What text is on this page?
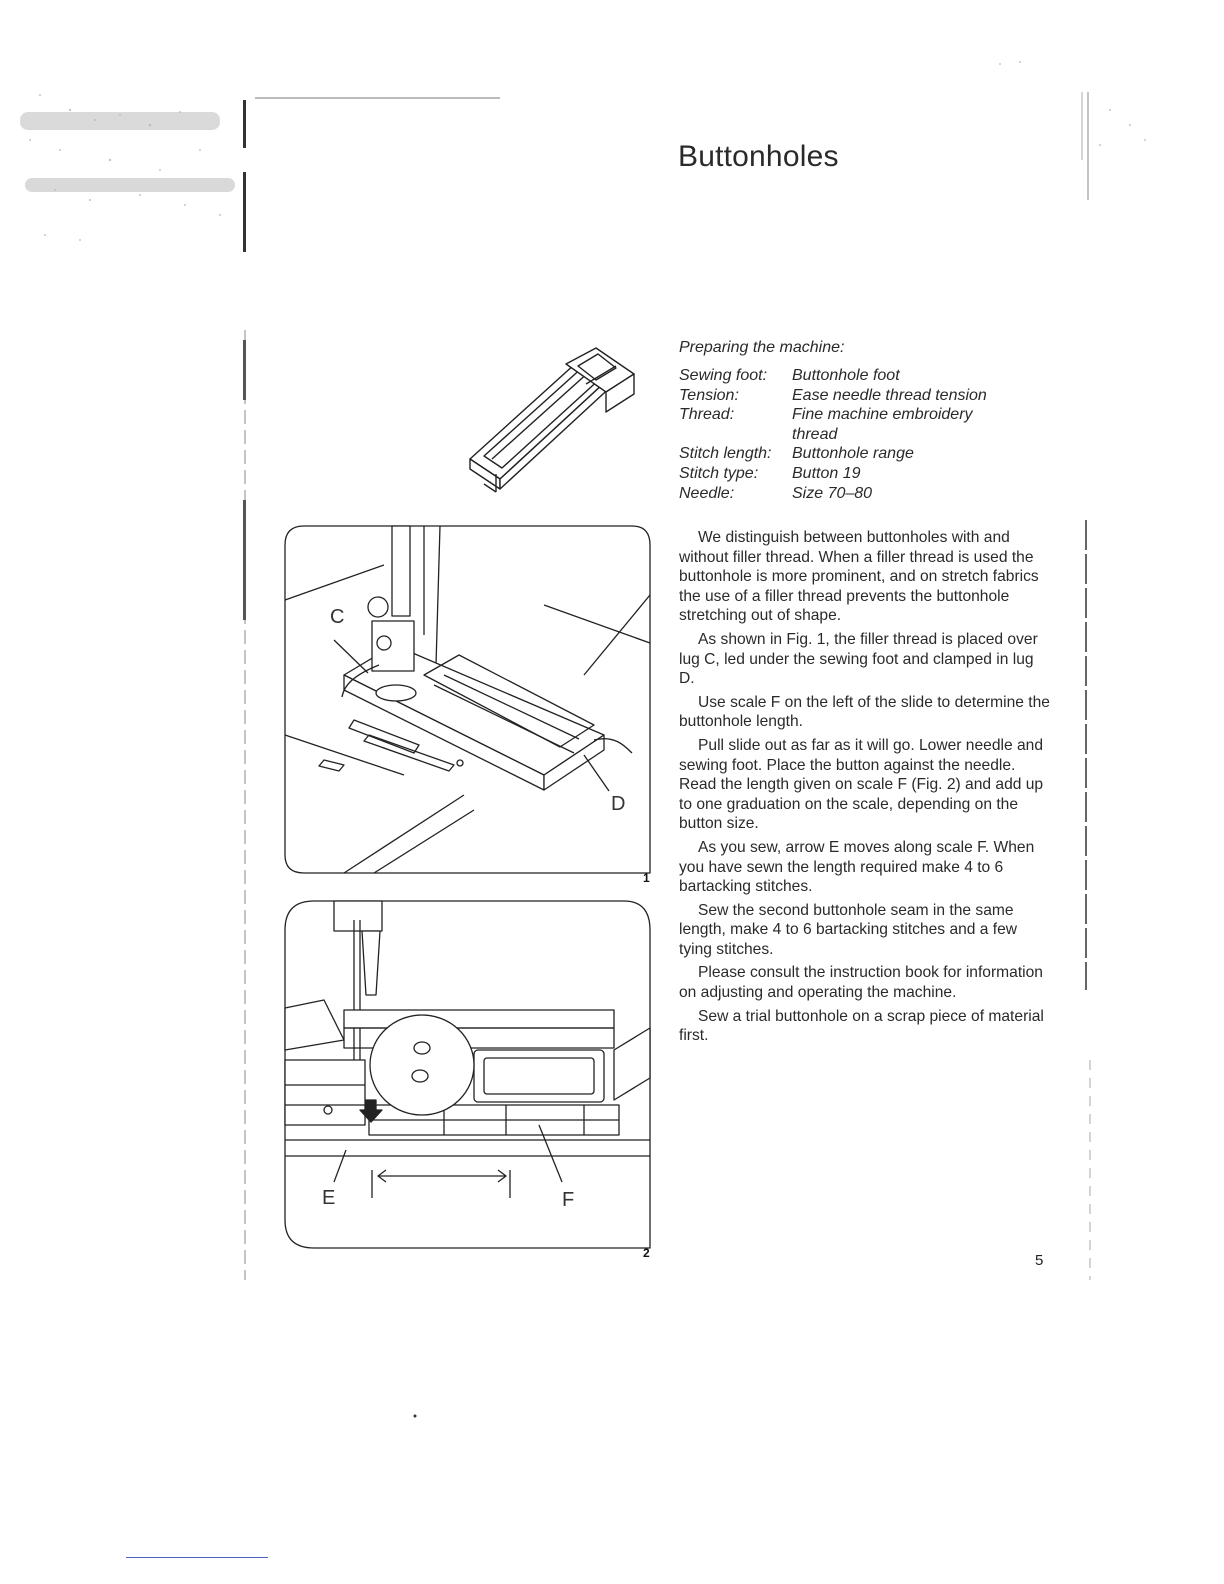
Buttonholes
C
D
1
E	F
2

Preparing the machine:

Sewing foot:	Buttonhole foot
Tension:	Ease needle thread tension
Thread:	Fine machine embroidery thread
Stitch length:	Buttonhole range
Stitch type:	Button 19
Needle:	Size 70–80

We distinguish between buttonholes with and without filler thread. When a filler thread is used the buttonhole is more prominent, and on stretch fabrics the use of a filler thread prevents the buttonhole stretching out of shape.

As shown in Fig. 1, the filler thread is placed over lug C, led under the sewing foot and clamped in lug D.

Use scale F on the left of the slide to determine the buttonhole length.

Pull slide out as far as it will go. Lower needle and sewing foot. Place the button against the needle. Read the length given on scale F (Fig. 2) and add up to one graduation on the scale, depending on the button size.

As you sew, arrow E moves along scale F. When you have sewn the length required make 4 to 6 bartacking stitches.

Sew the second buttonhole seam in the same length, make 4 to 6 bartacking stitches and a few tying stitches.

Please consult the instruction book for information on adjusting and operating the machine.

Sew a trial buttonhole on a scrap piece of material first.

5
